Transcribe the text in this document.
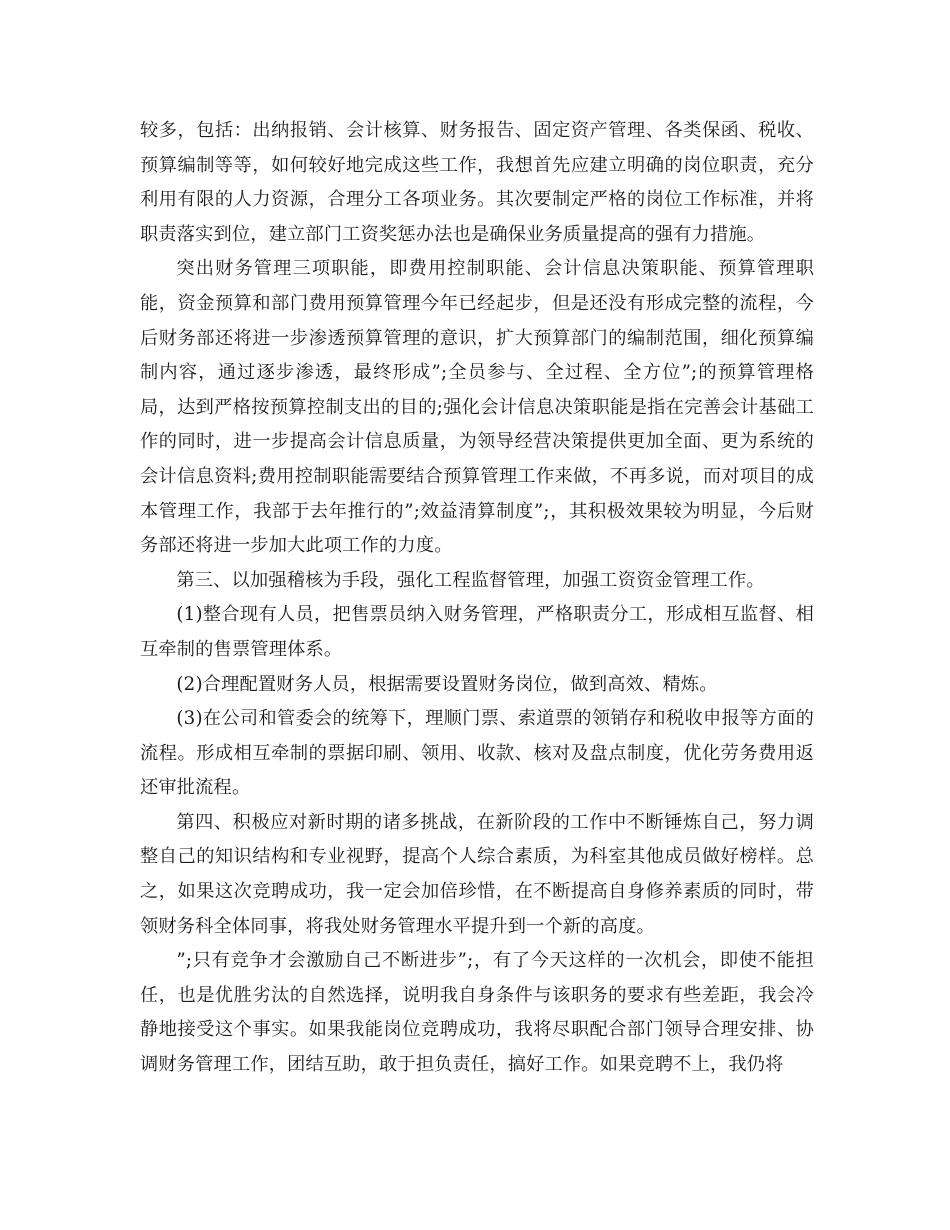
较多，包括：出纳报销、会计核算、财务报告、固定资产管理、各类保函、税收、预算编制等等，如何较好地完成这些工作，我想首先应建立明确的岗位职责，充分利用有限的人力资源，合理分工各项业务。其次要制定严格的岗位工作标准，并将职责落实到位，建立部门工资奖惩办法也是确保业务质量提高的强有力措施。

突出财务管理三项职能，即费用控制职能、会计信息决策职能、预算管理职能，资金预算和部门费用预算管理今年已经起步，但是还没有形成完整的流程，今后财务部还将进一步渗透预算管理的意识，扩大预算部门的编制范围，细化预算编制内容，通过逐步渗透，最终形成”;全员参与、全过程、全方位”;的预算管理格局，达到严格按预算控制支出的目的;强化会计信息决策职能是指在完善会计基础工作的同时，进一步提高会计信息质量，为领导经营决策提供更加全面、更为系统的会计信息资料;费用控制职能需要结合预算管理工作来做，不再多说，而对项目的成本管理工作，我部于去年推行的”;效益清算制度”;，其积极效果较为明显，今后财务部还将进一步加大此项工作的力度。

第三、以加强稽核为手段，强化工程监督管理，加强工资资金管理工作。

(1)整合现有人员，把售票员纳入财务管理，严格职责分工，形成相互监督、相互牵制的售票管理体系。

(2)合理配置财务人员，根据需要设置财务岗位，做到高效、精炼。

(3)在公司和管委会的统筹下，理顺门票、索道票的领销存和税收申报等方面的流程。形成相互牵制的票据印刷、领用、收款、核对及盘点制度，优化劳务费用返还审批流程。

第四、积极应对新时期的诸多挑战，在新阶段的工作中不断锤炼自己，努力调整自己的知识结构和专业视野，提高个人综合素质，为科室其他成员做好榜样。总之，如果这次竞聘成功，我一定会加倍珍惜，在不断提高自身修养素质的同时，带领财务科全体同事，将我处财务管理水平提升到一个新的高度。

”;只有竞争才会激励自己不断进步”;，有了今天这样的一次机会，即使不能担任，也是优胜劣汰的自然选择，说明我自身条件与该职务的要求有些差距，我会冷静地接受这个事实。如果我能岗位竞聘成功，我将尽职配合部门领导合理安排、协调财务管理工作，团结互助，敢于担负责任，搞好工作。如果竞聘不上，我仍将
